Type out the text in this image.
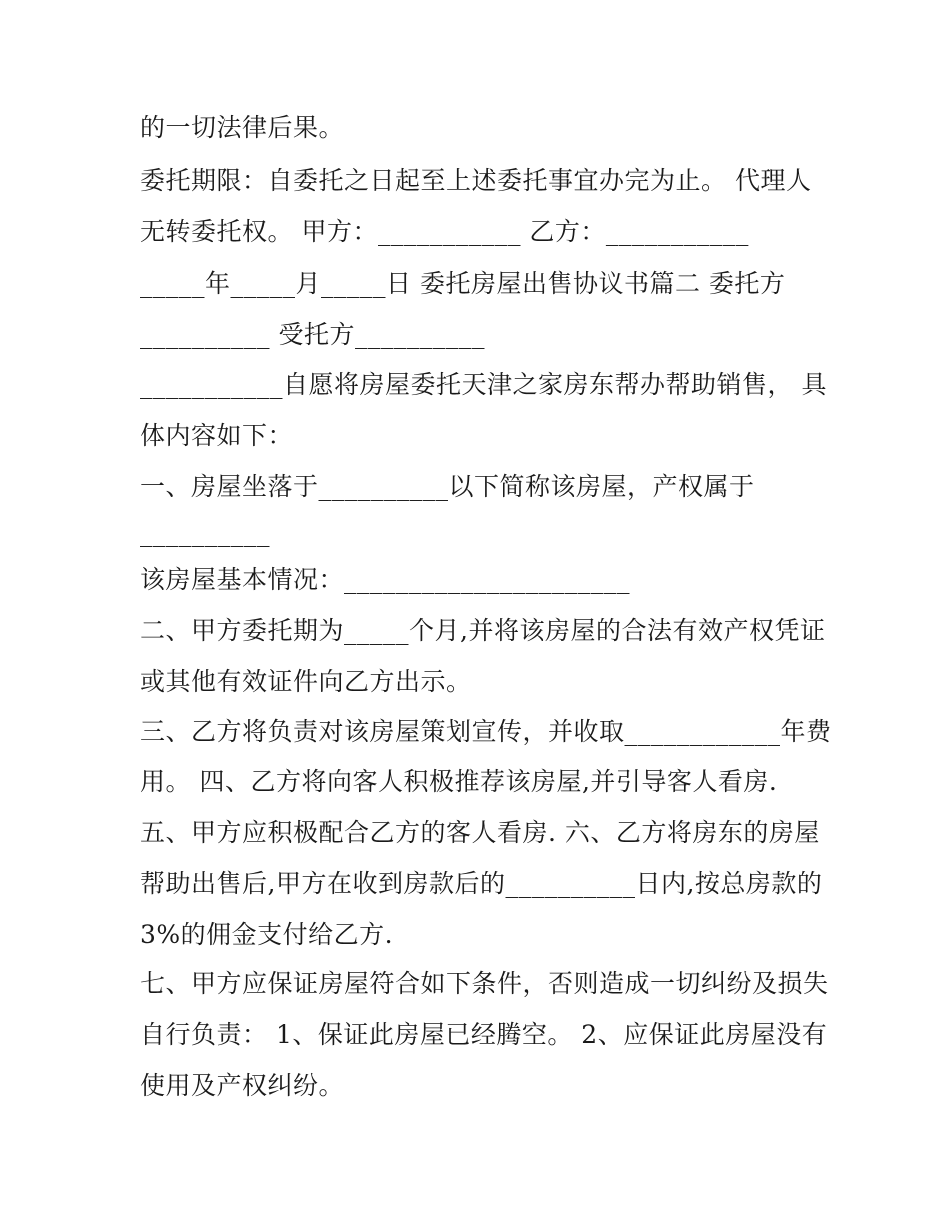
的一切法律后果。
委托期限：自委托之日起至上述委托事宜办完为止。 代理人
无转委托权。 甲方：___________ 乙方：___________
_____年_____月_____日 委托房屋出售协议书篇二 委托方
__________ 受托方__________
___________自愿将房屋委托天津之家房东帮办帮助销售， 具
体内容如下：
一、房屋坐落于__________以下简称该房屋，产权属于
__________
该房屋基本情况：______________________
二、甲方委托期为_____个月,并将该房屋的合法有效产权凭证
或其他有效证件向乙方出示。
三、乙方将负责对该房屋策划宣传，并收取____________年费
用。 四、乙方将向客人积极推荐该房屋,并引导客人看房.
五、甲方应积极配合乙方的客人看房. 六、乙方将房东的房屋
帮助出售后,甲方在收到房款后的__________日内,按总房款的
3%的佣金支付给乙方.
七、甲方应保证房屋符合如下条件，否则造成一切纠纷及损失
自行负责： 1、保证此房屋已经腾空。 2、应保证此房屋没有
使用及产权纠纷。
